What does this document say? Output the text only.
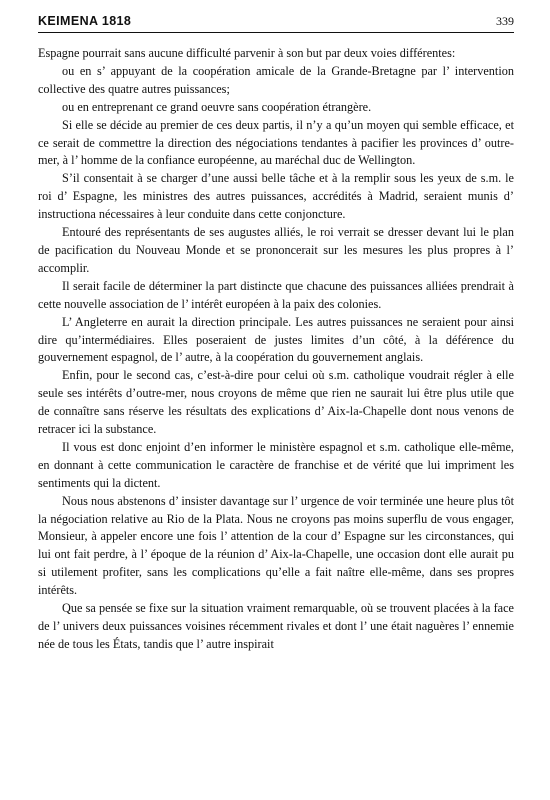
KEIMENA 1818	339

Espagne pourrait sans aucune difficulté parvenir à son but par deux voies différentes:

ou en s’ appuyant de la coopération amicale de la Grande-Bretagne par l’ intervention collective des quatre autres puissances;

ou en entreprenant ce grand oeuvre sans coopération étrangère.

Si elle se décide au premier de ces deux partis, il n’y a qu’un moyen qui semble efficace, et ce serait de commettre la direction des négociations tendantes à pacifier les provinces d’ outre-mer, à l’ homme de la confiance européenne, au maréchal duc de Wellington.

S’il consentait à se charger d’une aussi belle tâche et à la remplir sous les yeux de s.m. le roi d’ Espagne, les ministres des autres puissances, accrédités à Madrid, seraient munis d’ instructiona nécessaires à leur conduite dans cette conjoncture.

Entouré des représentants de ses augustes alliés, le roi verrait se dresser devant lui le plan de pacification du Nouveau Monde et se prononcerait sur les mesures les plus propres à l’ accomplir.

Il serait facile de déterminer la part distincte que chacune des puissances alliées prendrait à cette nouvelle association de l’ intérêt européen à la paix des colonies.

L’ Angleterre en aurait la direction principale. Les autres puissances ne seraient pour ainsi dire qu’intermédiaires. Elles poseraient de justes limites d’un côté, à la déférence du gouvernement espagnol, de l’ autre, à la coopération du gouvernement anglais.

Enfin, pour le second cas, c’est-à-dire pour celui où s.m. catholique voudrait régler à elle seule ses intérêts d’outre-mer, nous croyons de même que rien ne saurait lui être plus utile que de connaître sans réserve les résultats des explications d’ Aix-la-Chapelle dont nous venons de retracer ici la substance.

Il vous est donc enjoint d’en informer le ministère espagnol et s.m. catholique elle-même, en donnant à cette communication le caractère de franchise et de vérité que lui impriment les sentiments qui la dictent.

Nous nous abstenons d’ insister davantage sur l’ urgence de voir terminée une heure plus tôt la négociation relative au Rio de la Plata. Nous ne croyons pas moins superflu de vous engager, Monsieur, à appeler encore une fois l’ attention de la cour d’ Espagne sur les circonstances, qui lui ont fait perdre, à l’ époque de la réunion d’ Aix-la-Chapelle, une occasion dont elle aurait pu si utilement profiter, sans les complications qu’elle a fait naître elle-même, dans ses propres intérêts.

Que sa pensée se fixe sur la situation vraiment remarquable, où se trouvent placées à la face de l’ univers deux puissances voisines récemment rivales et dont l’ une était naguères l’ ennemie née de tous les États, tandis que l’ autre inspirait
